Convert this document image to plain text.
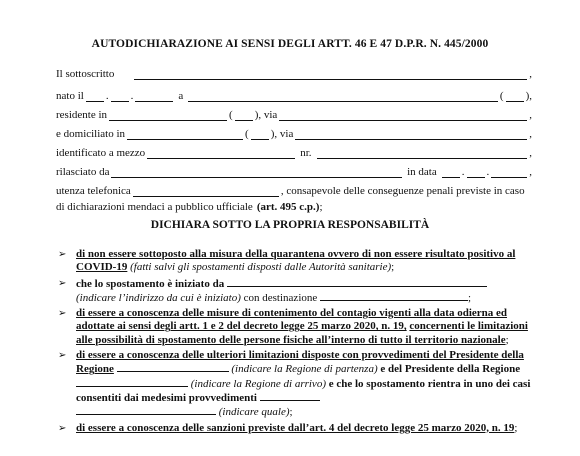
AUTODICHIARAZIONE AI SENSI DEGLI ARTT. 46 E 47 D.P.R. N. 445/2000
Il sottoscritto	,
nato il . .	a	( ),
residente in	( ), via	,
e domiciliato in	( ), via	,
identificato a mezzo	nr.	,
rilasciato da	in data . .	,
utenza telefonica	, consapevole delle conseguenze penali previste in caso
di dichiarazioni mendaci a pubblico ufficiale (art. 495 c.p.) ;
DICHIARA SOTTO LA PROPRIA RESPONSABILITÀ
➢ di non essere sottoposto alla misura della quarantena ovvero di non essere risultato positivo al COVID-19 (fatti salvi gli spostamenti disposti dalle Autorità sanitarie);
➢ che lo spostamento è iniziato da
(indicare l’indirizzo da cui è iniziato) con destinazione	;
➢ di essere a conoscenza delle misure di contenimento del contagio vigenti alla data odierna ed adottate ai sensi degli artt. 1 e 2 del decreto legge 25 marzo 2020, n. 19, concernenti le limitazioni alle possibilità di spostamento delle persone fisiche all’interno di tutto il territorio nazionale;
➢ di essere a conoscenza delle ulteriori limitazioni disposte con provvedimenti del Presidente della Regione	(indicare la Regione di partenza) e del Presidente della Regione  (indicare la Regione di arrivo) e che lo spostamento rientra in uno dei casi consentiti dai medesimi provvedimenti
(indicare quale);
➢ di essere a conoscenza delle sanzioni previste dall’art. 4 del decreto legge 25 marzo 2020, n. 19;
